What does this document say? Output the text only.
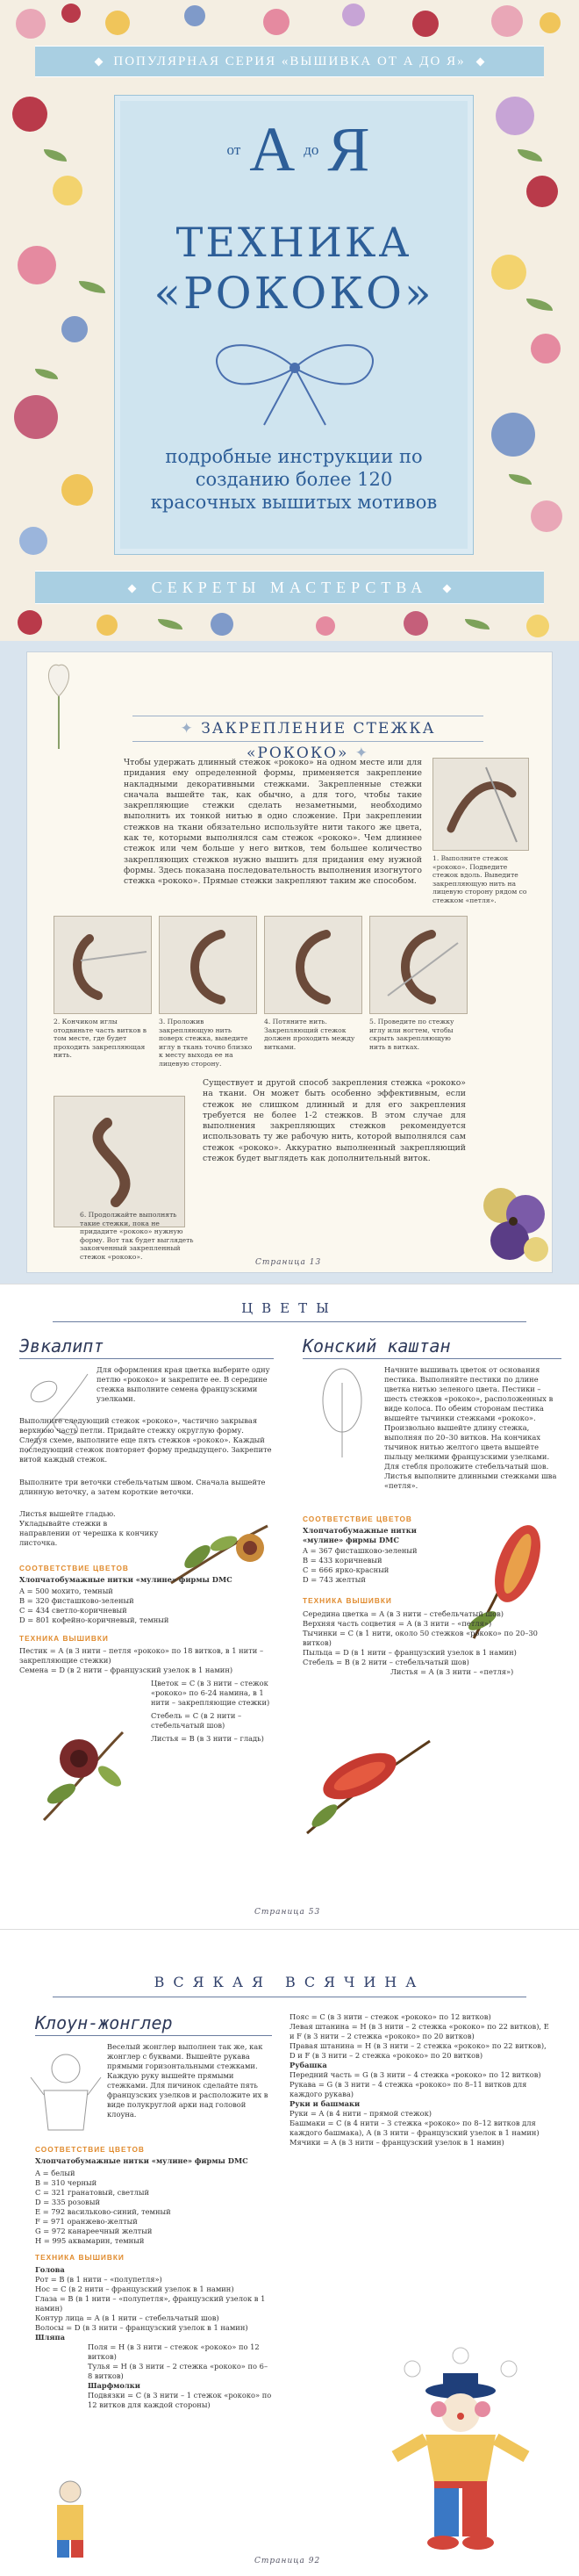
ПОПУЛЯРНАЯ СЕРИЯ «ВЫШИВКА ОТ А ДО Я»
от А до Я
ТЕХНИКА
«РОКОКО»
подробные инструкции по созданию более 120 красочных вышитых мотивов
СЕКРЕТЫ МАСТЕРСТВА
✦ ЗАКРЕПЛЕНИЕ СТЕЖКА «РОКОКО» ✦
Чтобы удержать длинный стежок «рококо» на одном месте или для придания ему определенной формы, применяется закрепление накладными декоративными стежками. Закрепленные стежки сначала вышейте так, как обычно, а для того, чтобы такие закрепляющие стежки сделать незаметными, необходимо выполнить их тонкой нитью в одно сложение. При закреплении стежков на ткани обязательно используйте нити такого же цвета, как те, которыми выполнялся сам стежок «рококо». Чем длиннее стежок или чем больше у него витков, тем большее количество закрепляющих стежков нужно вышить для придания ему нужной формы. Здесь показана последовательность выполнения изогнутого стежка «рококо». Прямые стежки закрепляют таким же способом.
1. Выполните стежок «рококо». Подведите стежок вдоль. Выведите закрепляющую нить на лицевую сторону рядом со стежком «петля».
2. Кончиком иглы отодвиньте часть витков в том месте, где будет проходить закрепляющая нить.
3. Проложив закрепляющую нить поверх стежка, выведите иглу в ткань точно близко к месту выхода ее на лицевую сторону.
4. Потяните нить. Закрепляющий стежок должен проходить между витками.
5. Проведите по стежку иглу или ногтем, чтобы скрыть закрепляющую нить в витках.
Существует и другой способ закрепления стежка «рококо» на ткани. Он может быть особенно эффективным, если стежок не слишком длинный и для его закрепления требуется не более 1-2 стежков. В этом случае для выполнения закрепляющих стежков рекомендуется использовать ту же рабочую нить, которой выполнялся сам стежок «рококо». Аккуратно выполненный закрепляющий стежок будет выглядеть как дополнительный виток.
6. Продолжайте выполнять такие стежки, пока не придадите «рококо» нужную форму. Вот так будет выглядеть законченный закрепленный стежок «рококо».
Страница 13
ЦВЕТЫ
Эвкалипт
Для оформления края цветка выберите одну петлю «рококо» и закрепите ее. В середине стежка выполните семена французскими узелками.
Выполните следующий стежок «рококо», частично закрывая верхнюю часть петли. Придайте стежку округлую форму. Следуя схеме, выполните еще пять стежков «рококо». Каждый последующий стежок повторяет форму предыдущего. Закрепите витой каждый стежок.
Выполните три веточки стебельчатым швом. Сначала вышейте длинную веточку, а затем короткие веточки.
Листья вышейте гладью. Укладывайте стежки в направлении от черешка к кончику листочка.
СООТВЕТСТВИЕ ЦВЕТОВ
Хлопчатобумажные нитки «мулине» фирмы DMC
A = 500 мохито, темный
B = 320 фисташково-зеленый
C = 434 светло-коричневый
D = 801 кофейно-коричневый, темный
ТЕХНИКА ВЫШИВКИ
Пестик = A (в 3 нити – петля «рококо» по 18 витков, в 1 нити – закрепляющие стежки)
Семена = D (в 2 нити – французский узелок в 1 намин)
Цветок = C (в 3 нити – стежок «рококо» по 6-24 намина, в 1 нити – закрепляющие стежки)
Стебель = C (в 2 нити – стебельчатый шов)
Листья = B (в 3 нити – гладь)
Конский каштан
Начните вышивать цветок от основания пестика. Выполняйте пестики по длине цветка нитью зеленого цвета. Пестики – шесть стежков «рококо», расположенных в виде колоса. По обеим сторонам пестика вышейте тычинки стежками «рококо». Произвольно вышейте длину стежка, выполняя по 20–30 витков. На кончиках тычинок нитью желтого цвета вышейте пыльцу мелкими французскими узелками. Для стебля проложите стебельчатый шов. Листья выполните длинными стежками шва «петля».
СООТВЕТСТВИЕ ЦВЕТОВ
Хлопчатобумажные нитки «мулине» фирмы DMC
A = 367 фисташково-зеленый
B = 433 коричневый
C = 666 ярко-красный
D = 743 желтый
ТЕХНИКА ВЫШИВКИ
Середина цветка = A (в 3 нити – стебельчатый шов)
Верхняя часть соцветия = A (в 3 нити – «петля»)
Тычинки = C (в 1 нити, около 50 стежков «рококо» по 20–30 витков)
Пыльца = D (в 1 нити – французский узелок в 1 намин)
Стебель = B (в 2 нити – стебельчатый шов)
Листья = A (в 3 нити – «петля»)
Страница 53
ВСЯКАЯ ВСЯЧИНА
Клоун-жонглер
Веселый жонглер выполнен так же, как жонглер с буквами. Вышейте рукава прямыми горизонтальными стежками. Каждую руку вышейте прямыми стежками. Для пичинок сделайте пять французских узелков и расположите их в виде полукруглой арки над головой клоуна.
СООТВЕТСТВИЕ ЦВЕТОВ
Хлопчатобумажные нитки «мулине» фирмы DMC
A = белый
B = 310 черный
C = 321 гранатовый, светлый
D = 335 розовый
E = 792 васильково-синий, темный
F = 971 оранжево-желтый
G = 972 канареечный желтый
H = 995 аквамарин, темный
ТЕХНИКА ВЫШИВКИ
Голова
Рот = B (в 1 нити – «полупетля»)
Нос = C (в 2 нити – французский узелок в 1 намин)
Глаза = B (в 1 нити – «полупетля», французский узелок в 1 намин)
Контур лица = A (в 1 нити – стебельчатый шов)
Волосы = D (в 3 нити – французский узелок в 1 намин)
Шляпа
Поля = H (в 3 нити – стежок «рококо» по 12 витков)
Тулья = H (в 3 нити – 2 стежка «рококо» по 6–8 витков)
Шарфмолки
Подвязки = C (в 3 нити – 1 стежок «рококо» по 12 витков для каждой стороны)
Пояс = C (в 3 нити – стежок «рококо» по 12 витков)
Левая штанина = H (в 3 нити – 2 стежка «рококо» по 22 витков), E и F (в 3 нити – 2 стежка «рококо» по 20 витков)
Правая штанина = H (в 3 нити – 2 стежка «рококо» по 22 витков), D и F (в 3 нити – 2 стежка «рококо» по 20 витков)
Рубашка
Передний часть = G (в 3 нити – 4 стежка «рококо» по 12 витков)
Рукава = G (в 3 нити – 4 стежка «рококо» по 8–11 витков для каждого рукава)
Руки и башмаки
Руки = A (в 4 нити – прямой стежок)
Башмаки = C (в 4 нити – 3 стежка «рококо» по 8–12 витков для каждого башмака), A (в 3 нити – французский узелок в 1 намин)
Мячики = A (в 3 нити – французский узелок в 1 намин)
Страница 92
